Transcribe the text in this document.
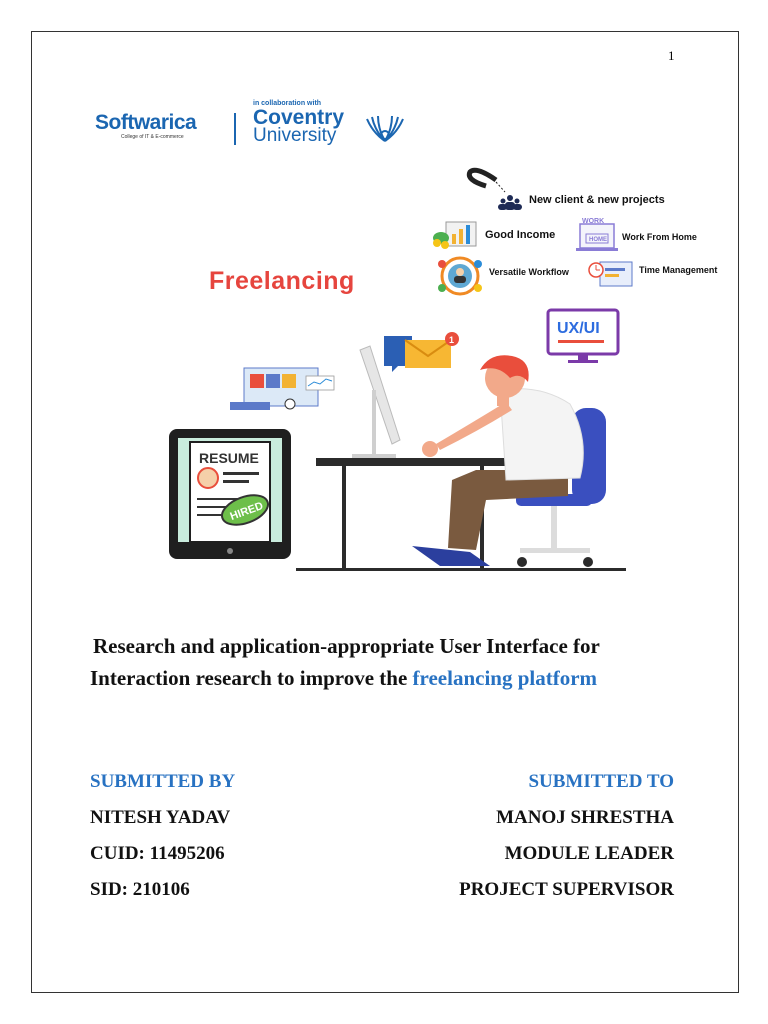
1
Softwarica
College of IT & E-commerce
in collaboration with
Coventry
University
WORK
HOME
UX/UI
1
RESUME
HIRED
New client & new projects
Good Income	Work From Home
Versatile Workflow	Time Management
Freelancing
Research and application-appropriate User Interface for
Interaction research to improve the freelancing platform
SUBMITTED BY
NITESH YADAV
CUID: 11495206
SID: 210106
SUBMITTED TO
MANOJ SHRESTHA
MODULE LEADER
PROJECT SUPERVISOR
